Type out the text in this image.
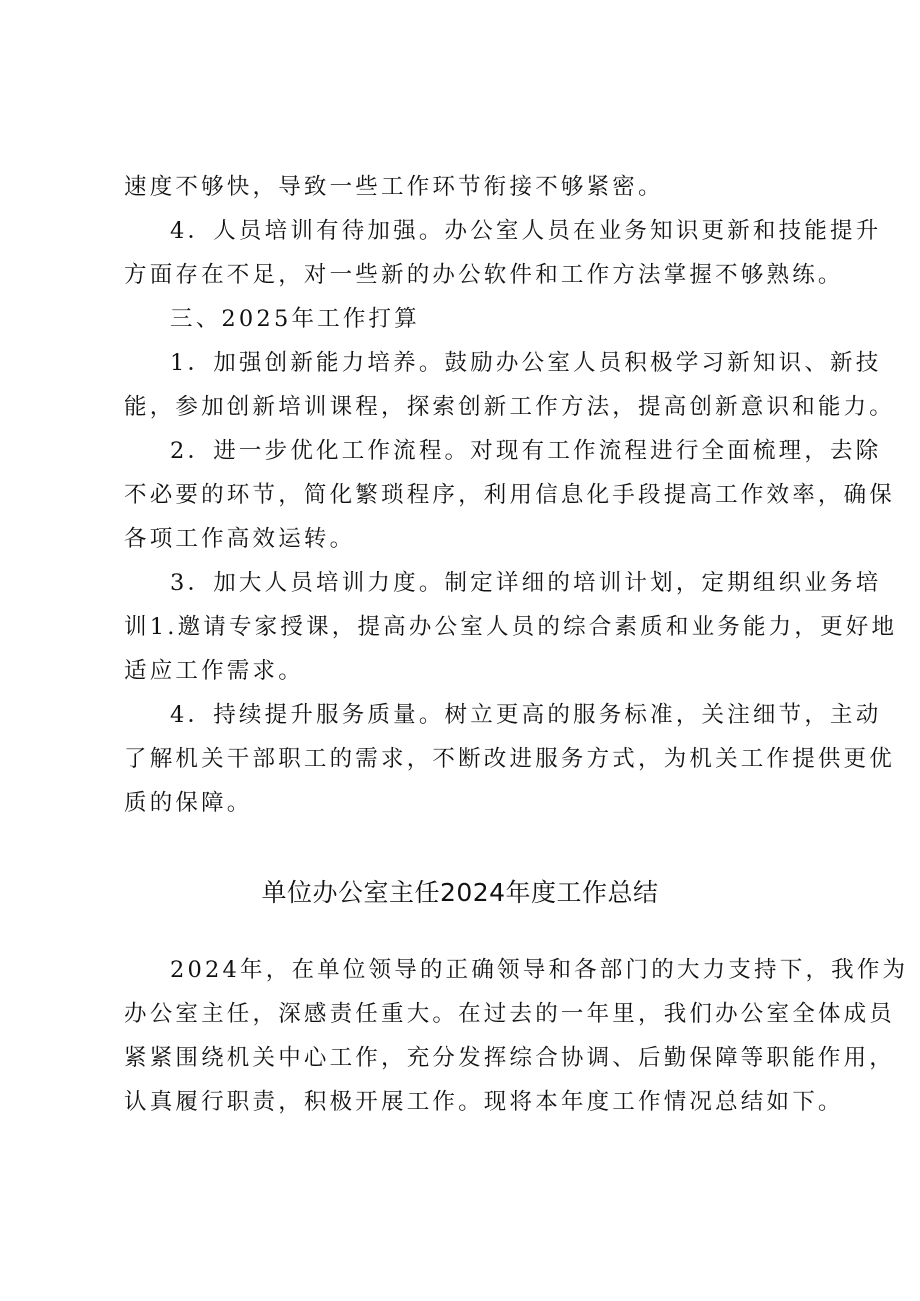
速度不够快，导致一些工作环节衔接不够紧密。
4．人员培训有待加强。办公室人员在业务知识更新和技能提升
方面存在不足，对一些新的办公软件和工作方法掌握不够熟练。
三、2025年工作打算
1．加强创新能力培养。鼓励办公室人员积极学习新知识、新技
能，参加创新培训课程，探索创新工作方法，提高创新意识和能力。
2．进一步优化工作流程。对现有工作流程进行全面梳理，去除
不必要的环节，简化繁琐程序，利用信息化手段提高工作效率，确保
各项工作高效运转。
3．加大人员培训力度。制定详细的培训计划，定期组织业务培
训1.邀请专家授课，提高办公室人员的综合素质和业务能力，更好地
适应工作需求。
4．持续提升服务质量。树立更高的服务标准，关注细节，主动
了解机关干部职工的需求，不断改进服务方式，为机关工作提供更优
质的保障。
单位办公室主任2024年度工作总结
2024年，在单位领导的正确领导和各部门的大力支持下，我作为
办公室主任，深感责任重大。在过去的一年里，我们办公室全体成员
紧紧围绕机关中心工作，充分发挥综合协调、后勤保障等职能作用，
认真履行职责，积极开展工作。现将本年度工作情况总结如下。
